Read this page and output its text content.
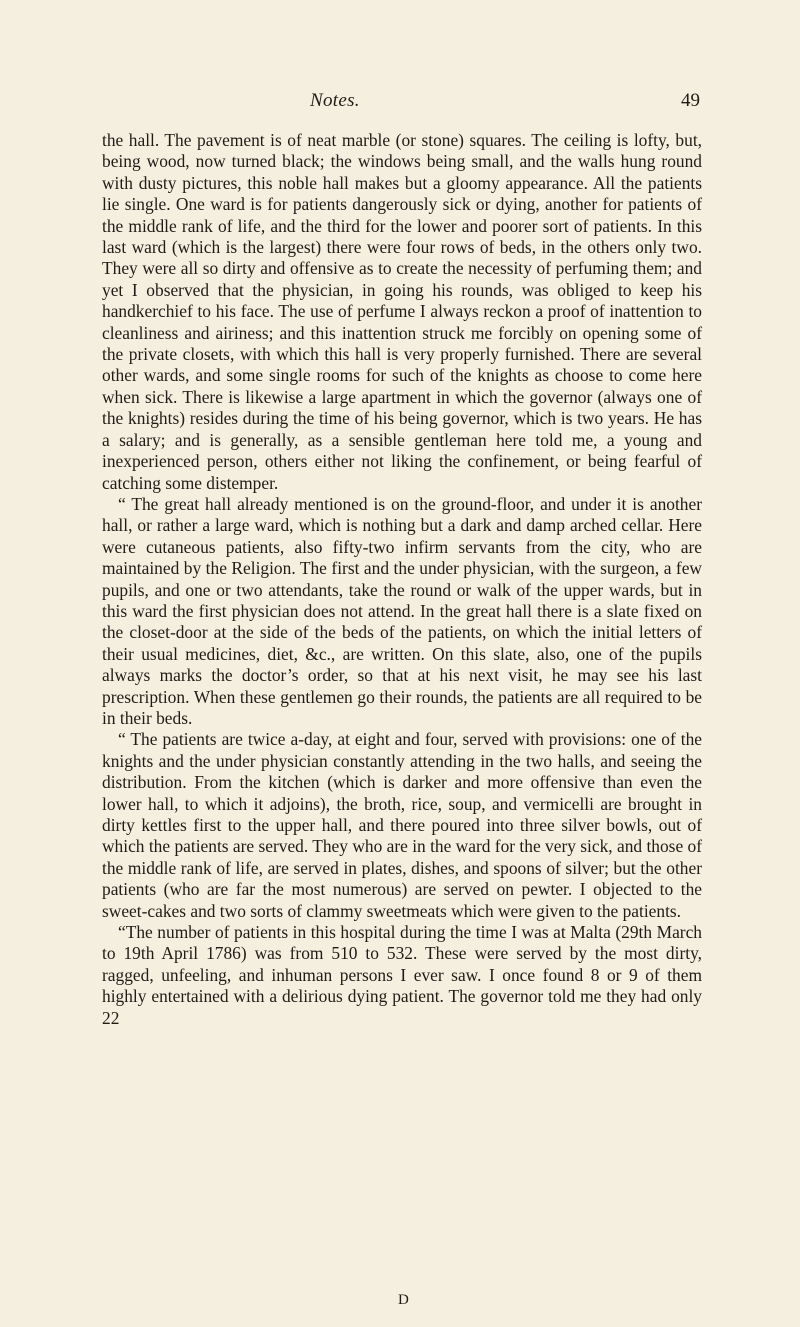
Notes.	49

the hall. The pavement is of neat marble (or stone) squares. The ceiling is lofty, but, being wood, now turned black; the windows being small, and the walls hung round with dusty pictures, this noble hall makes but a gloomy appearance. All the patients lie single. One ward is for patients dangerously sick or dying, another for patients of the middle rank of life, and the third for the lower and poorer sort of patients. In this last ward (which is the largest) there were four rows of beds, in the others only two. They were all so dirty and offensive as to create the necessity of perfuming them; and yet I observed that the physician, in going his rounds, was obliged to keep his handkerchief to his face. The use of perfume I always reckon a proof of inattention to cleanliness and airiness; and this inattention struck me forcibly on opening some of the private closets, with which this hall is very properly furnished. There are several other wards, and some single rooms for such of the knights as choose to come here when sick. There is likewise a large apartment in which the governor (always one of the knights) resides during the time of his being governor, which is two years. He has a salary; and is generally, as a sensible gentleman here told me, a young and inexperienced person, others either not liking the confinement, or being fearful of catching some distemper.

“ The great hall already mentioned is on the ground-floor, and under it is another hall, or rather a large ward, which is nothing but a dark and damp arched cellar. Here were cutaneous patients, also fifty-two infirm servants from the city, who are maintained by the Religion. The first and the under physician, with the surgeon, a few pupils, and one or two attendants, take the round or walk of the upper wards, but in this ward the first physician does not attend. In the great hall there is a slate fixed on the closet-door at the side of the beds of the patients, on which the initial letters of their usual medicines, diet, &c., are written. On this slate, also, one of the pupils always marks the doctor’s order, so that at his next visit, he may see his last prescription. When these gentlemen go their rounds, the patients are all required to be in their beds.

“ The patients are twice a-day, at eight and four, served with provisions: one of the knights and the under physician constantly attending in the two halls, and seeing the distribution. From the kitchen (which is darker and more offensive than even the lower hall, to which it adjoins), the broth, rice, soup, and vermicelli are brought in dirty kettles first to the upper hall, and there poured into three silver bowls, out of which the patients are served. They who are in the ward for the very sick, and those of the middle rank of life, are served in plates, dishes, and spoons of silver; but the other patients (who are far the most numerous) are served on pewter. I objected to the sweet-cakes and two sorts of clammy sweetmeats which were given to the patients.

“The number of patients in this hospital during the time I was at Malta (29th March to 19th April 1786) was from 510 to 532. These were served by the most dirty, ragged, unfeeling, and inhuman persons I ever saw. I once found 8 or 9 of them highly entertained with a delirious dying patient. The governor told me they had only 22

D
